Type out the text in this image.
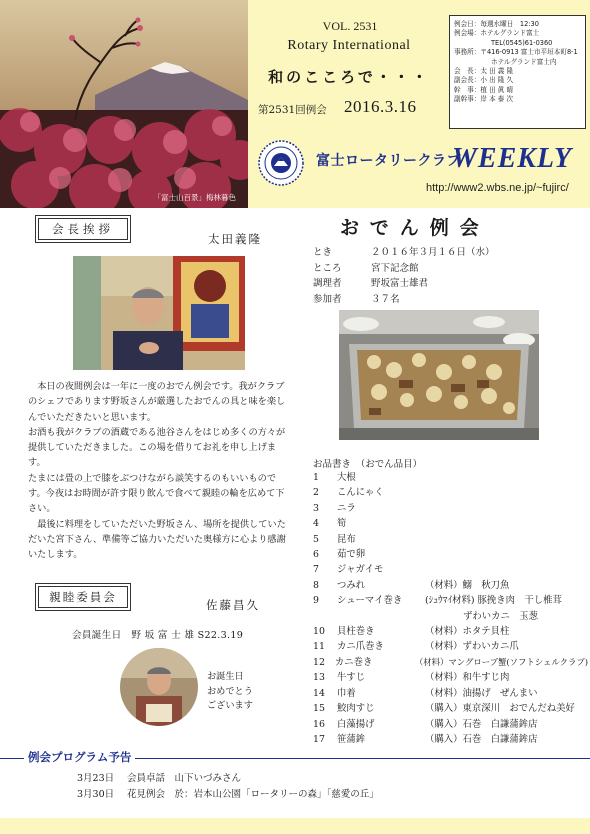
「富士山百景」梅林暮色
VOL. 2531
Rotary International
和のこころで・・・
第2531回例会 2016.3.16
例会日：毎週水曜日　12:30
例会場：ホテルグランド富士
TEL(0545)61-0360
事務所：〒416-0913 富士市平垣本町8-1
ホテルグランド富士内
会　長：太 田 義 隆
副会長：小 出 隆 久
幹　事：植 田 眞 晴
副幹事：岸 本 泰 次
富士ロータリークラブ
WEEKLY
http://www2.wbs.ne.jp/~fujirc/
会長挨拶
太田義隆

本日の夜間例会は一年に一度のおでん例会です。我がクラブのシェフであります野坂さんが厳選したおでんの具と味を楽しんでいただきたいと思います。

お酒も我がクラブの酒蔵である池谷さんをはじめ多くの方々が提供していただきました。この場を借りてお礼を申し上げます。

たまには畳の上で膝をぶつけながら談笑するのもいいものです。今夜はお時間が許す限り飲んで食べて親睦の輪を広めて下さい。

最後に料理をしていただいた野坂さん、場所を提供していただいた宮下さん、準備等ご協力いただいた奥様方に心より感謝いたします。

親睦委員会
佐藤昌久
会員誕生日　野 坂 富 士 雄 S22.3.19
お誕生日
おめでとう
ございます
おでん例会
とき	２０１６年３月１６日（水）
ところ	宮下記念館
調理者	野坂富士雄君
参加者	３７名
お品書き　（おでん品目）
1	大根
2	こんにゃく
3	ニラ
4	筍
5	昆布
6	茹で卵
7	ジャガイモ
8	つみれ	（材料）鰯　秋刀魚
9	シューマイ巻き	(ｼｭｳﾏｲ材料) 豚挽き肉　干し椎茸
ずわいカニ　玉葱
10	貝柱巻き	（材料）ホタテ貝柱
11	カニ爪巻き	（材料）ずわいカニ爪
12	カニ巻き	（材料）マングローブ蟹(ソフトシェルクラブ)
13	牛すじ	（材料）和牛すじ肉
14	巾着	（材料）油揚げ　ぜんまい
15	鮫肉すじ	（購入）東京深川　おでんだね美好
16	白藻揚げ	（購入）石巻　白謙蒲鉾店
17	笹蒲鉾	（購入）石巻　白謙蒲鉾店
例会プログラム予告
3月23日	会員卓話　山下いづみさん
3月30日	花見例会　於：岩本山公園「ロータリーの森」「慈愛の丘」
